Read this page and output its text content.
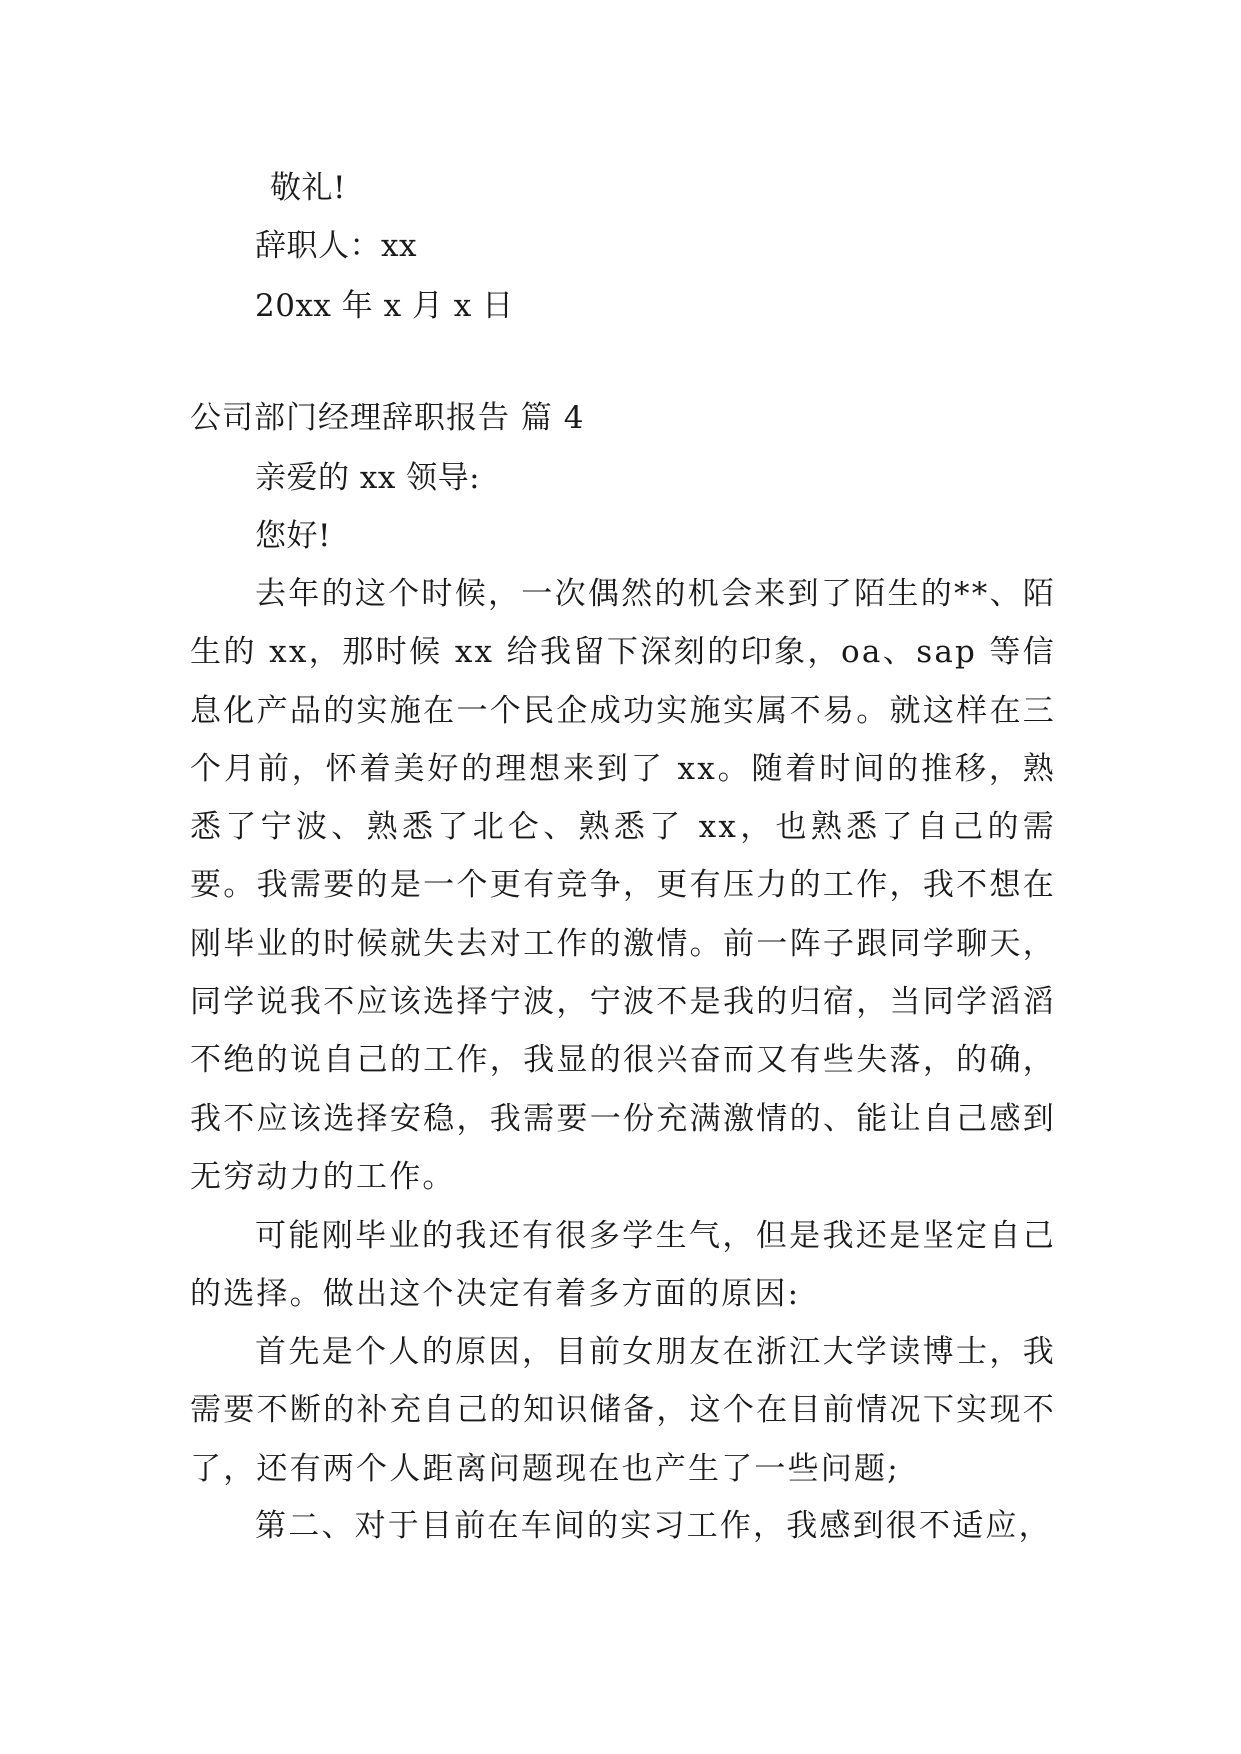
敬礼!
辞职人：xx
20xx 年 x 月 x 日
公司部门经理辞职报告 篇 4
亲爱的 xx 领导:
您好!

去年的这个时候，一次偶然的机会来到了陌生的**、陌生的 xx，那时候 xx 给我留下深刻的印象，oa、sap 等信息化产品的实施在一个民企成功实施实属不易。就这样在三个月前，怀着美好的理想来到了 xx。随着时间的推移，熟悉了宁波、熟悉了北仑、熟悉了 xx，也熟悉了自己的需要。我需要的是一个更有竞争，更有压力的工作，我不想在刚毕业的时候就失去对工作的激情。前一阵子跟同学聊天，同学说我不应该选择宁波，宁波不是我的归宿，当同学滔滔不绝的说自己的工作，我显的很兴奋而又有些失落，的确，我不应该选择安稳，我需要一份充满激情的、能让自己感到无穷动力的工作。

可能刚毕业的我还有很多学生气，但是我还是坚定自己的选择。做出这个决定有着多方面的原因:

首先是个人的原因，目前女朋友在浙江大学读博士，我需要不断的补充自己的知识储备，这个在目前情况下实现不了，还有两个人距离问题现在也产生了一些问题;

第二、对于目前在车间的实习工作，我感到很不适应，
